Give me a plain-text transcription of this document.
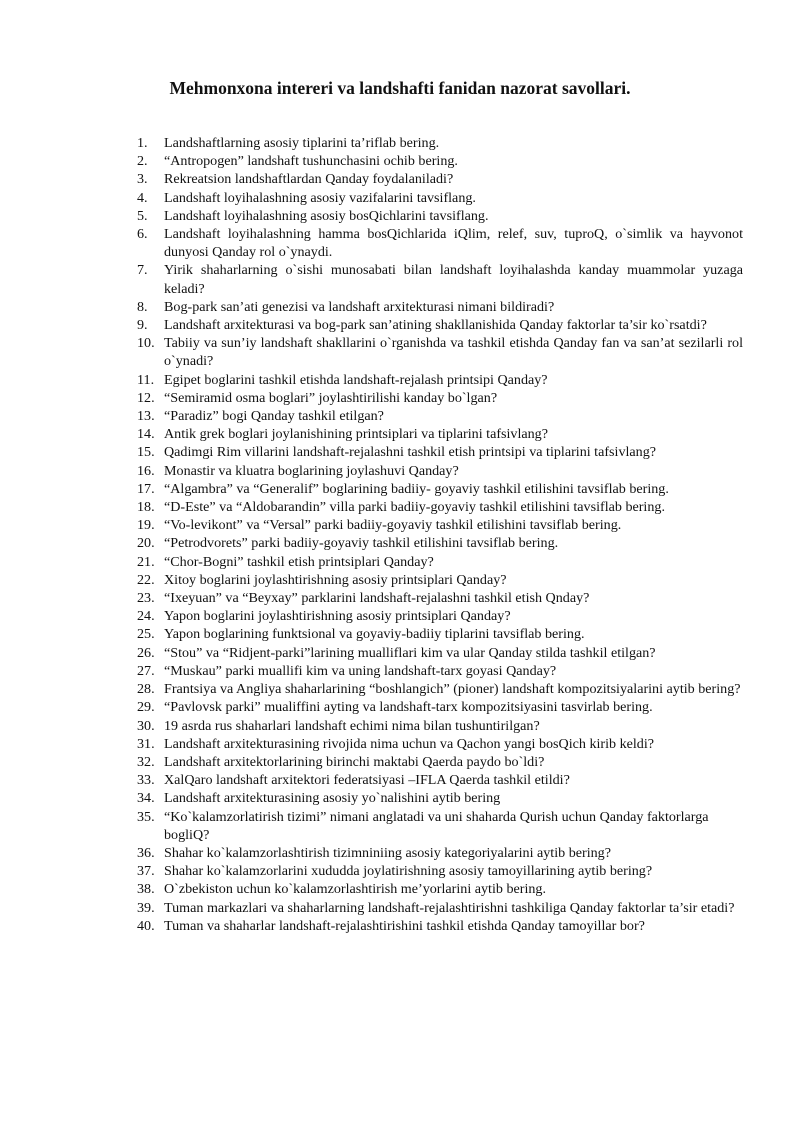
Mehmonxona intereri va landshafti fanidan nazorat savollari.
1. Landshaftlarning asosiy tiplarini ta’riflab bering.
2. “Antropogen” landshaft tushunchasini ochib bering.
3. Rekreatsion landshaftlardan Qanday foydalaniladi?
4. Landshaft loyihalashning asosiy vazifalarini tavsiflang.
5. Landshaft loyihalashning asosiy bosQichlarini tavsiflang.
6. Landshaft loyihalashning hamma bosQichlarida iQlim, relef, suv, tuproQ, o`simlik va hayvonot dunyosi Qanday rol o`ynaydi.
7. Yirik shaharlarning o`sishi munosabati bilan landshaft loyihalashda kanday muammolar yuzaga keladi?
8. Bog-park san’ati genezisi va landshaft arxitekturasi nimani bildiradi?
9. Landshaft arxitekturasi va bog-park san’atining shakllanishida Qanday faktorlar ta’sir ko`rsatdi?
10. Tabiiy va sun’iy landshaft shakllarini o`rganishda va tashkil etishda Qanday fan va san’at sezilarli rol o`ynadi?
11. Egipet boglarini tashkil etishda landshaft-rejalash printsipi Qanday?
12. “Semiramid osma boglari” joylashtirilishi kanday bo`lgan?
13. “Paradiz” bogi Qanday tashkil etilgan?
14. Antik grek boglari joylanishining printsiplari va tiplarini tafsivlang?
15. Qadimgi Rim villarini landshaft-rejalashni tashkil etish printsipi va tiplarini tafsivlang?
16. Monastir va kluatra boglarining joylashuvi Qanday?
17. “Algambra” va “Generalif” boglarining badiiy- goyaviy tashkil etilishini tavsiflab bering.
18. “D-Este” va “Aldobarandin” villa parki badiiy-goyaviy tashkil etilishini tavsiflab bering.
19. “Vo-levikont” va “Versal” parki badiiy-goyaviy tashkil etilishini tavsiflab bering.
20. “Petrodvorets” parki badiiy-goyaviy tashkil etilishini tavsiflab bering.
21. “Chor-Bogni” tashkil etish printsiplari Qanday?
22. Xitoy boglarini joylashtirishning asosiy printsiplari Qanday?
23. “Ixeyuan” va “Beyxay” parklarini landshaft-rejalashni tashkil etish Qnday?
24. Yapon boglarini joylashtirishning asosiy printsiplari Qanday?
25. Yapon boglarining funktsional va goyaviy-badiiy tiplarini tavsiflab bering.
26. “Stou” va “Ridjent-parki”larining mualliflari kim va ular Qanday stilda tashkil etilgan?
27. “Muskau” parki muallifi kim va uning landshaft-tarx goyasi Qanday?
28. Frantsiya va Angliya shaharlarining “boshlangich” (pioner) landshaft kompozitsiyalarini aytib bering?
29. “Pavlovsk parki” mualiffini ayting va landshaft-tarx kompozitsiyasini tasvirlab bering.
30. 19 asrda rus shaharlari landshaft echimi nima bilan tushuntirilgan?
31. Landshaft arxitekturasining rivojida nima uchun va Qachon yangi bosQich kirib keldi?
32. Landshaft arxitektorlarining birinchi maktabi Qaerda paydo bo`ldi?
33. XalQaro landshaft arxitektori federatsiyasi –IFLA Qaerda tashkil etildi?
34. Landshaft arxitekturasining asosiy yo`nalishini aytib bering
35. “Ko`kalamzorlatirish tizimi” nimani anglatadi va uni shaharda Qurish uchun Qanday faktorlarga bogliQ?
36. Shahar ko`kalamzorlashtirish tizimniniing asosiy kategoriyalarini aytib bering?
37. Shahar ko`kalamzorlarini xududda joylatirishning asosiy tamoyillarining aytib bering?
38. O`zbekiston uchun ko`kalamzorlashtirish me’yorlarini aytib bering.
39. Tuman markazlari va shaharlarning landshaft-rejalashtirishni tashkiliga Qanday faktorlar ta’sir etadi?
40. Tuman va shaharlar landshaft-rejalashtirishini tashkil etishda Qanday tamoyillar bor?
